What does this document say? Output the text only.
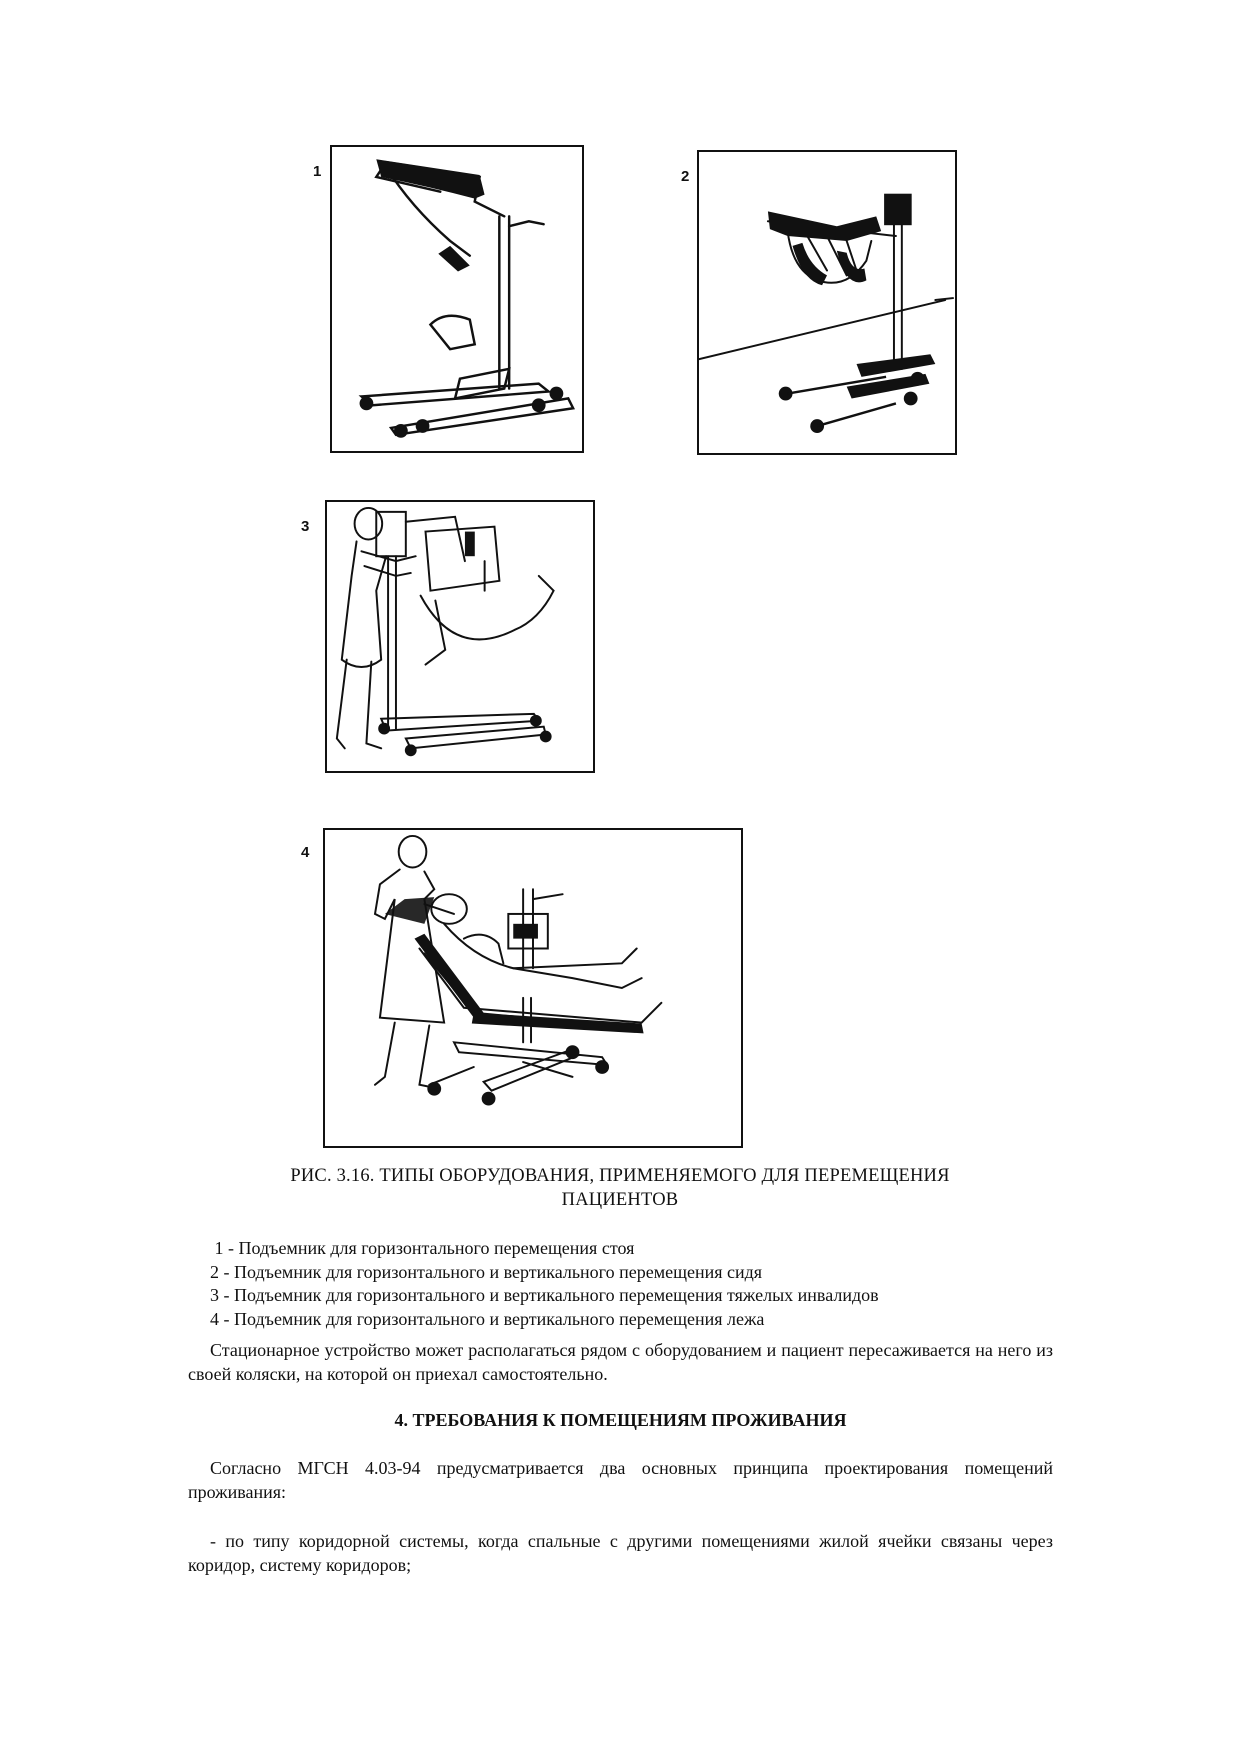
1	2
3
4
РИС. 3.16. ТИПЫ ОБОРУДОВАНИЯ, ПРИМЕНЯЕМОГО ДЛЯ ПЕРЕМЕЩЕНИЯ
ПАЦИЕНТОВ
1 - Подъемник для горизонтального перемещения стоя
2 - Подъемник для горизонтального и вертикального перемещения сидя
3 - Подъемник для горизонтального и вертикального перемещения тяжелых инвалидов
4 - Подъемник для горизонтального и вертикального перемещения лежа

Стационарное устройство может располагаться рядом с оборудованием и пациент пересаживается на него из своей коляски, на которой он приехал самостоятельно.

4. ТРЕБОВАНИЯ К ПОМЕЩЕНИЯМ ПРОЖИВАНИЯ

Согласно МГСН 4.03-94 предусматривается два основных принципа проектирования помещений проживания:

- по типу коридорной системы, когда спальные с другими помещениями жилой ячейки связаны через коридор, систему коридоров;
